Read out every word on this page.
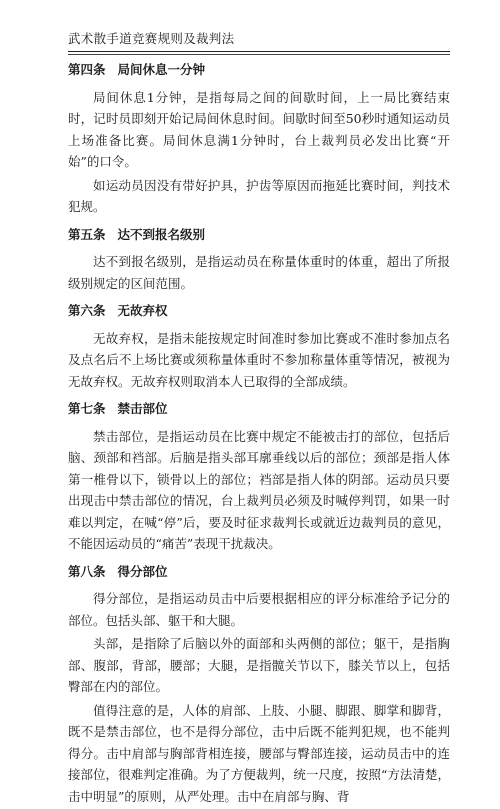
武术散手道竞赛规则及裁判法
第四条 局间休息一分钟

局间休息1分钟，是指每局之间的间歇时间，上一局比赛结束时，记时员即刻开始记局间休息时间。间歇时间至50秒时通知运动员上场准备比赛。局间休息满1分钟时，台上裁判员必发出比赛“开始”的口令。

如运动员因没有带好护具，护齿等原因而拖延比赛时间，判技术犯规。

第五条 达不到报名级别

达不到报名级别，是指运动员在称量体重时的体重，超出了所报级别规定的区间范围。

第六条 无故弃权

无故弃权，是指未能按规定时间准时参加比赛或不准时参加点名及点名后不上场比赛或须称量体重时不参加称量体重等情况，被视为无故弃权。无故弃权则取消本人已取得的全部成绩。

第七条 禁击部位

禁击部位，是指运动员在比赛中规定不能被击打的部位，包括后脑、颈部和裆部。后脑是指头部耳廓垂线以后的部位；颈部是指人体第一椎骨以下，锁骨以上的部位；裆部是指人体的阴部。运动员只要出现击中禁击部位的情况，台上裁判员必须及时喊停判罚，如果一时难以判定，在喊“停”后，要及时征求裁判长或就近边裁判员的意见，不能因运动员的“痛苦”表现干扰裁决。

第八条 得分部位

得分部位，是指运动员击中后要根据相应的评分标准给予记分的部位。包括头部、躯干和大腿。

头部，是指除了后脑以外的面部和头两侧的部位；躯干，是指胸部、腹部，背部，腰部；大腿，是指髋关节以下，膝关节以上，包括臀部在内的部位。

值得注意的是，人体的肩部、上肢、小腿、脚跟、脚掌和脚背，既不是禁击部位，也不是得分部位，击中后既不能判犯规，也不能判得分。击中肩部与胸部背相连接，腰部与臀部连接，运动员击中的连接部位，很难判定准确。为了方便裁判，统一尺度，按照“方法清楚，击中明显”的原则，从严处理。击中在肩部与胸、背
